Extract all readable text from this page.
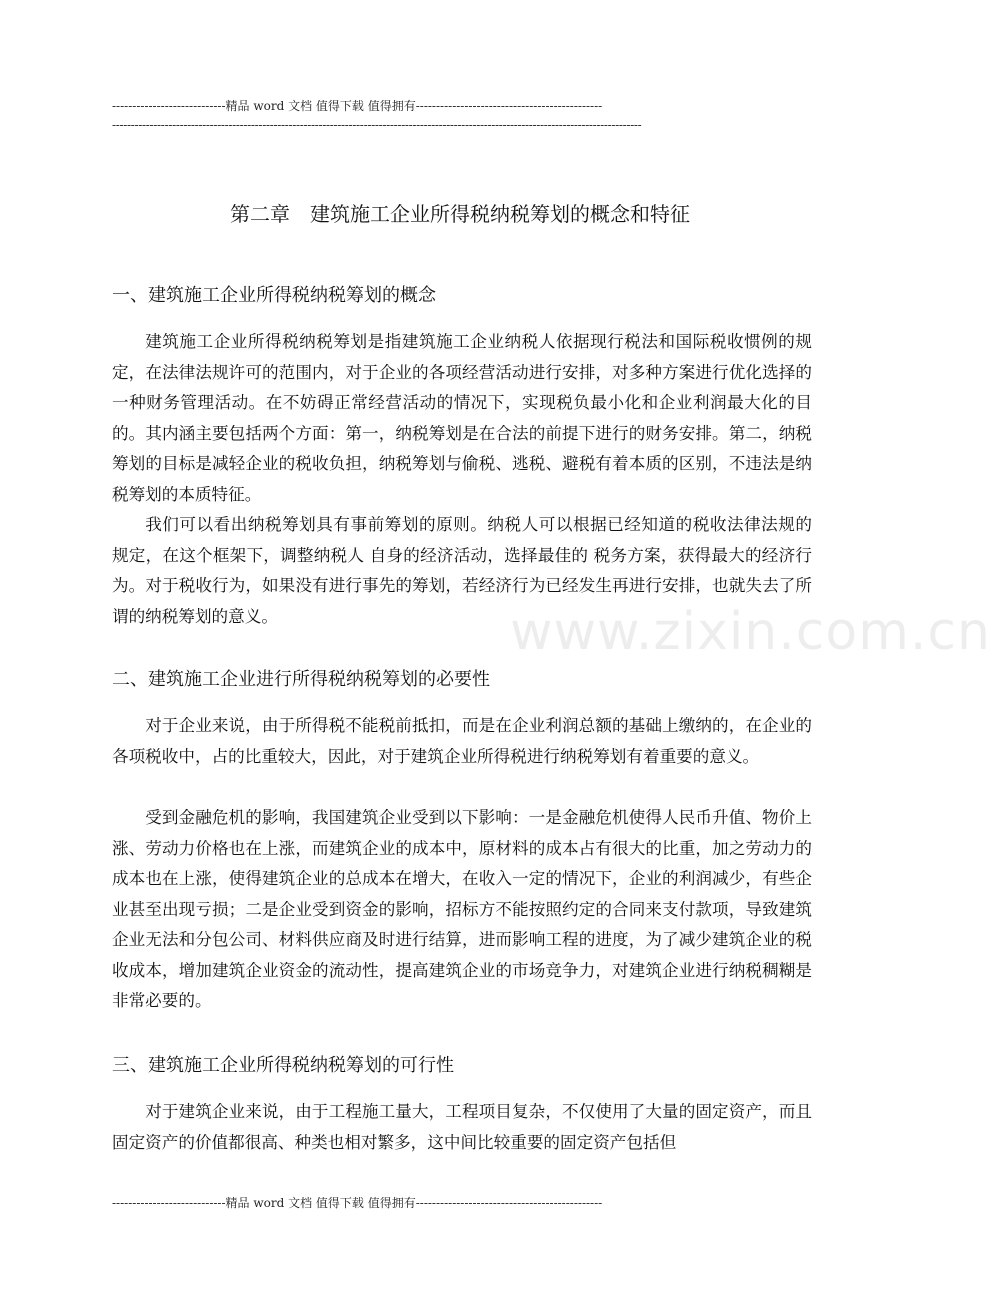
----------------------------精品 word 文档 值得下载 值得拥有----------------------------------------------
---------------------------------------------------------------------------------------------------------------------------------------------
www.zixin.com.cn
第二章　建筑施工企业所得税纳税筹划的概念和特征
一、建筑施工企业所得税纳税筹划的概念

建筑施工企业所得税纳税筹划是指建筑施工企业纳税人依据现行税法和国际税收惯例的规定，在法律法规许可的范围内，对于企业的各项经营活动进行安排，对多种方案进行优化选择的一种财务管理活动。在不妨碍正常经营活动的情况下，实现税负最小化和企业利润最大化的目的。其内涵主要包括两个方面：第一，纳税筹划是在合法的前提下进行的财务安排。第二，纳税筹划的目标是减轻企业的税收负担，纳税筹划与偷税、逃税、避税有着本质的区别，不违法是纳税筹划的本质特征。

我们可以看出纳税筹划具有事前筹划的原则。纳税人可以根据已经知道的税收法律法规的 规定，在这个框架下，调整纳税人 自身的经济活动，选择最佳的 税务方案，获得最大的经济行为。对于税收行为，如果没有进行事先的筹划，若经济行为已经发生再进行安排，也就失去了所 谓的纳税筹划的意义。

二、建筑施工企业进行所得税纳税筹划的必要性

对于企业来说，由于所得税不能税前抵扣，而是在企业利润总额的基础上缴纳的，在企业的各项税收中，占的比重较大，因此，对于建筑企业所得税进行纳税筹划有着重要的意义。

受到金融危机的影响，我国建筑企业受到以下影响：一是金融危机使得人民币升值、物价上涨、劳动力价格也在上涨，而建筑企业的成本中，原材料的成本占有很大的比重，加之劳动力的成本也在上涨，使得建筑企业的总成本在增大，在收入一定的情况下，企业的利润减少，有些企业甚至出现亏损；二是企业受到资金的影响，招标方不能按照约定的合同来支付款项，导致建筑企业无法和分包公司、材料供应商及时进行结算，进而影响工程的进度，为了减少建筑企业的税收成本，增加建筑企业资金的流动性，提高建筑企业的市场竞争力，对建筑企业进行纳税稠糊是非常必要的。

三、建筑施工企业所得税纳税筹划的可行性

对于建筑企业来说，由于工程施工量大，工程项目复杂，不仅使用了大量的固定资产，而且固定资产的价值都很高、种类也相对繁多，这中间比较重要的固定资产包括但

----------------------------精品 word 文档 值得下载 值得拥有----------------------------------------------
